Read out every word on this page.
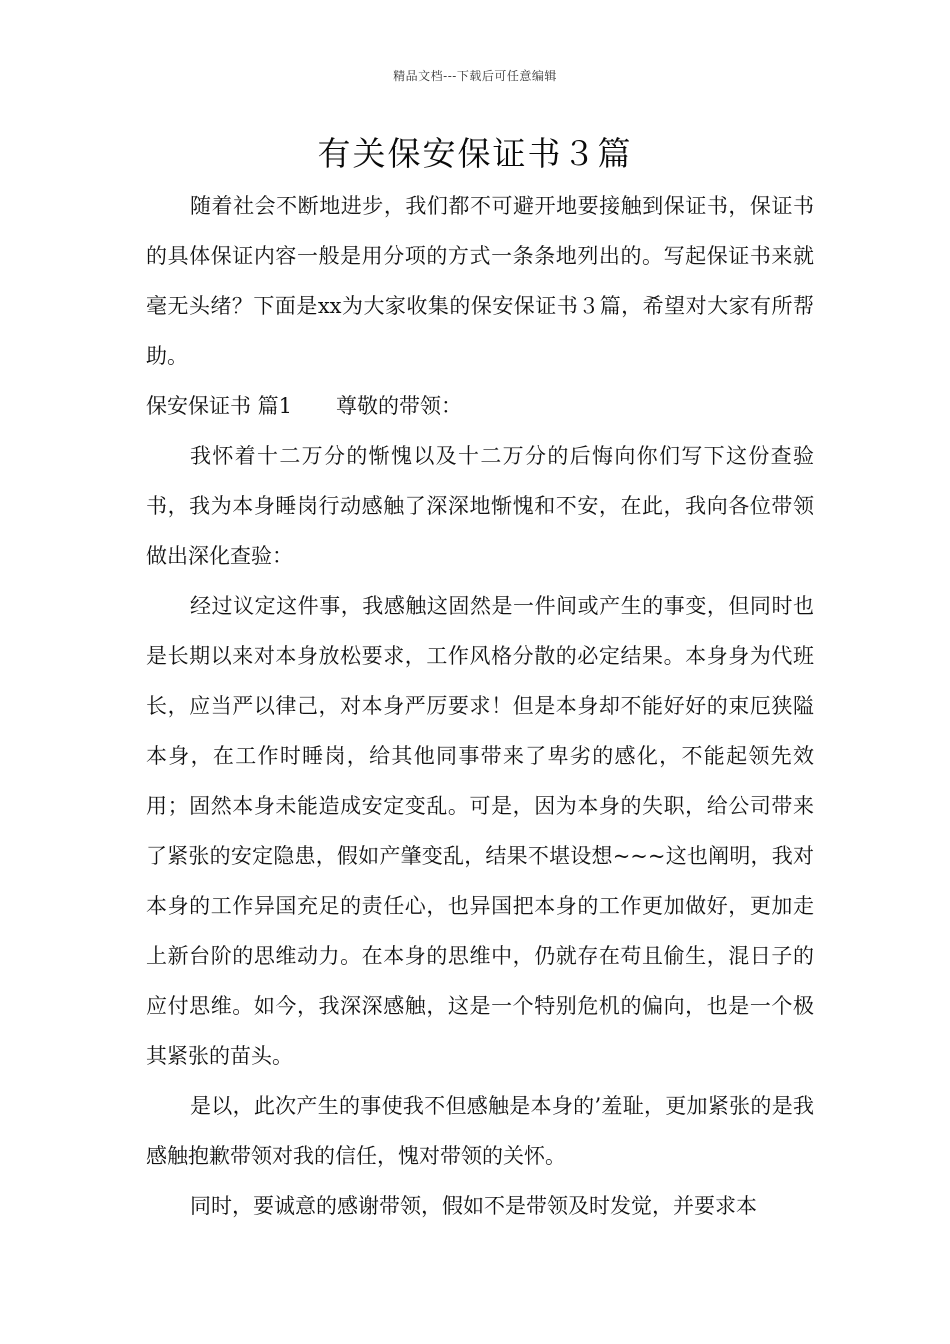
精品文档---下载后可任意编辑
有关保安保证书３篇

随着社会不断地进步，我们都不可避开地要接触到保证书，保证书的具体保证内容一般是用分项的方式一条条地列出的。写起保证书来就毫无头绪？下面是xx为大家收集的保安保证书３篇，希望对大家有所帮助。

保安保证书 篇1 尊敬的带领：

我怀着十二万分的惭愧以及十二万分的后悔向你们写下这份查验书，我为本身睡岗行动感触了深深地惭愧和不安，在此，我向各位带领做出深化查验：

经过议定这件事，我感触这固然是一件间或产生的事变，但同时也是长期以来对本身放松要求，工作风格分散的必定结果。本身身为代班长，应当严以律己，对本身严厉要求！但是本身却不能好好的束厄狭隘本身，在工作时睡岗，给其他同事带来了卑劣的感化，不能起领先效用；固然本身未能造成安定变乱。可是，因为本身的失职，给公司带来了紧张的安定隐患，假如产肇变乱，结果不堪设想~~~这也阐明，我对本身的工作异国充足的责任心，也异国把本身的工作更加做好，更加走上新台阶的思维动力。在本身的思维中，仍就存在苟且偷生，混日子的应付思维。如今，我深深感触，这是一个特别危机的偏向，也是一个极其紧张的苗头。

是以，此次产生的事使我不但感触是本身的’羞耻，更加紧张的是我感触抱歉带领对我的信任，愧对带领的关怀。

同时，要诚意的感谢带领，假如不是带领及时发觉，并要求本
